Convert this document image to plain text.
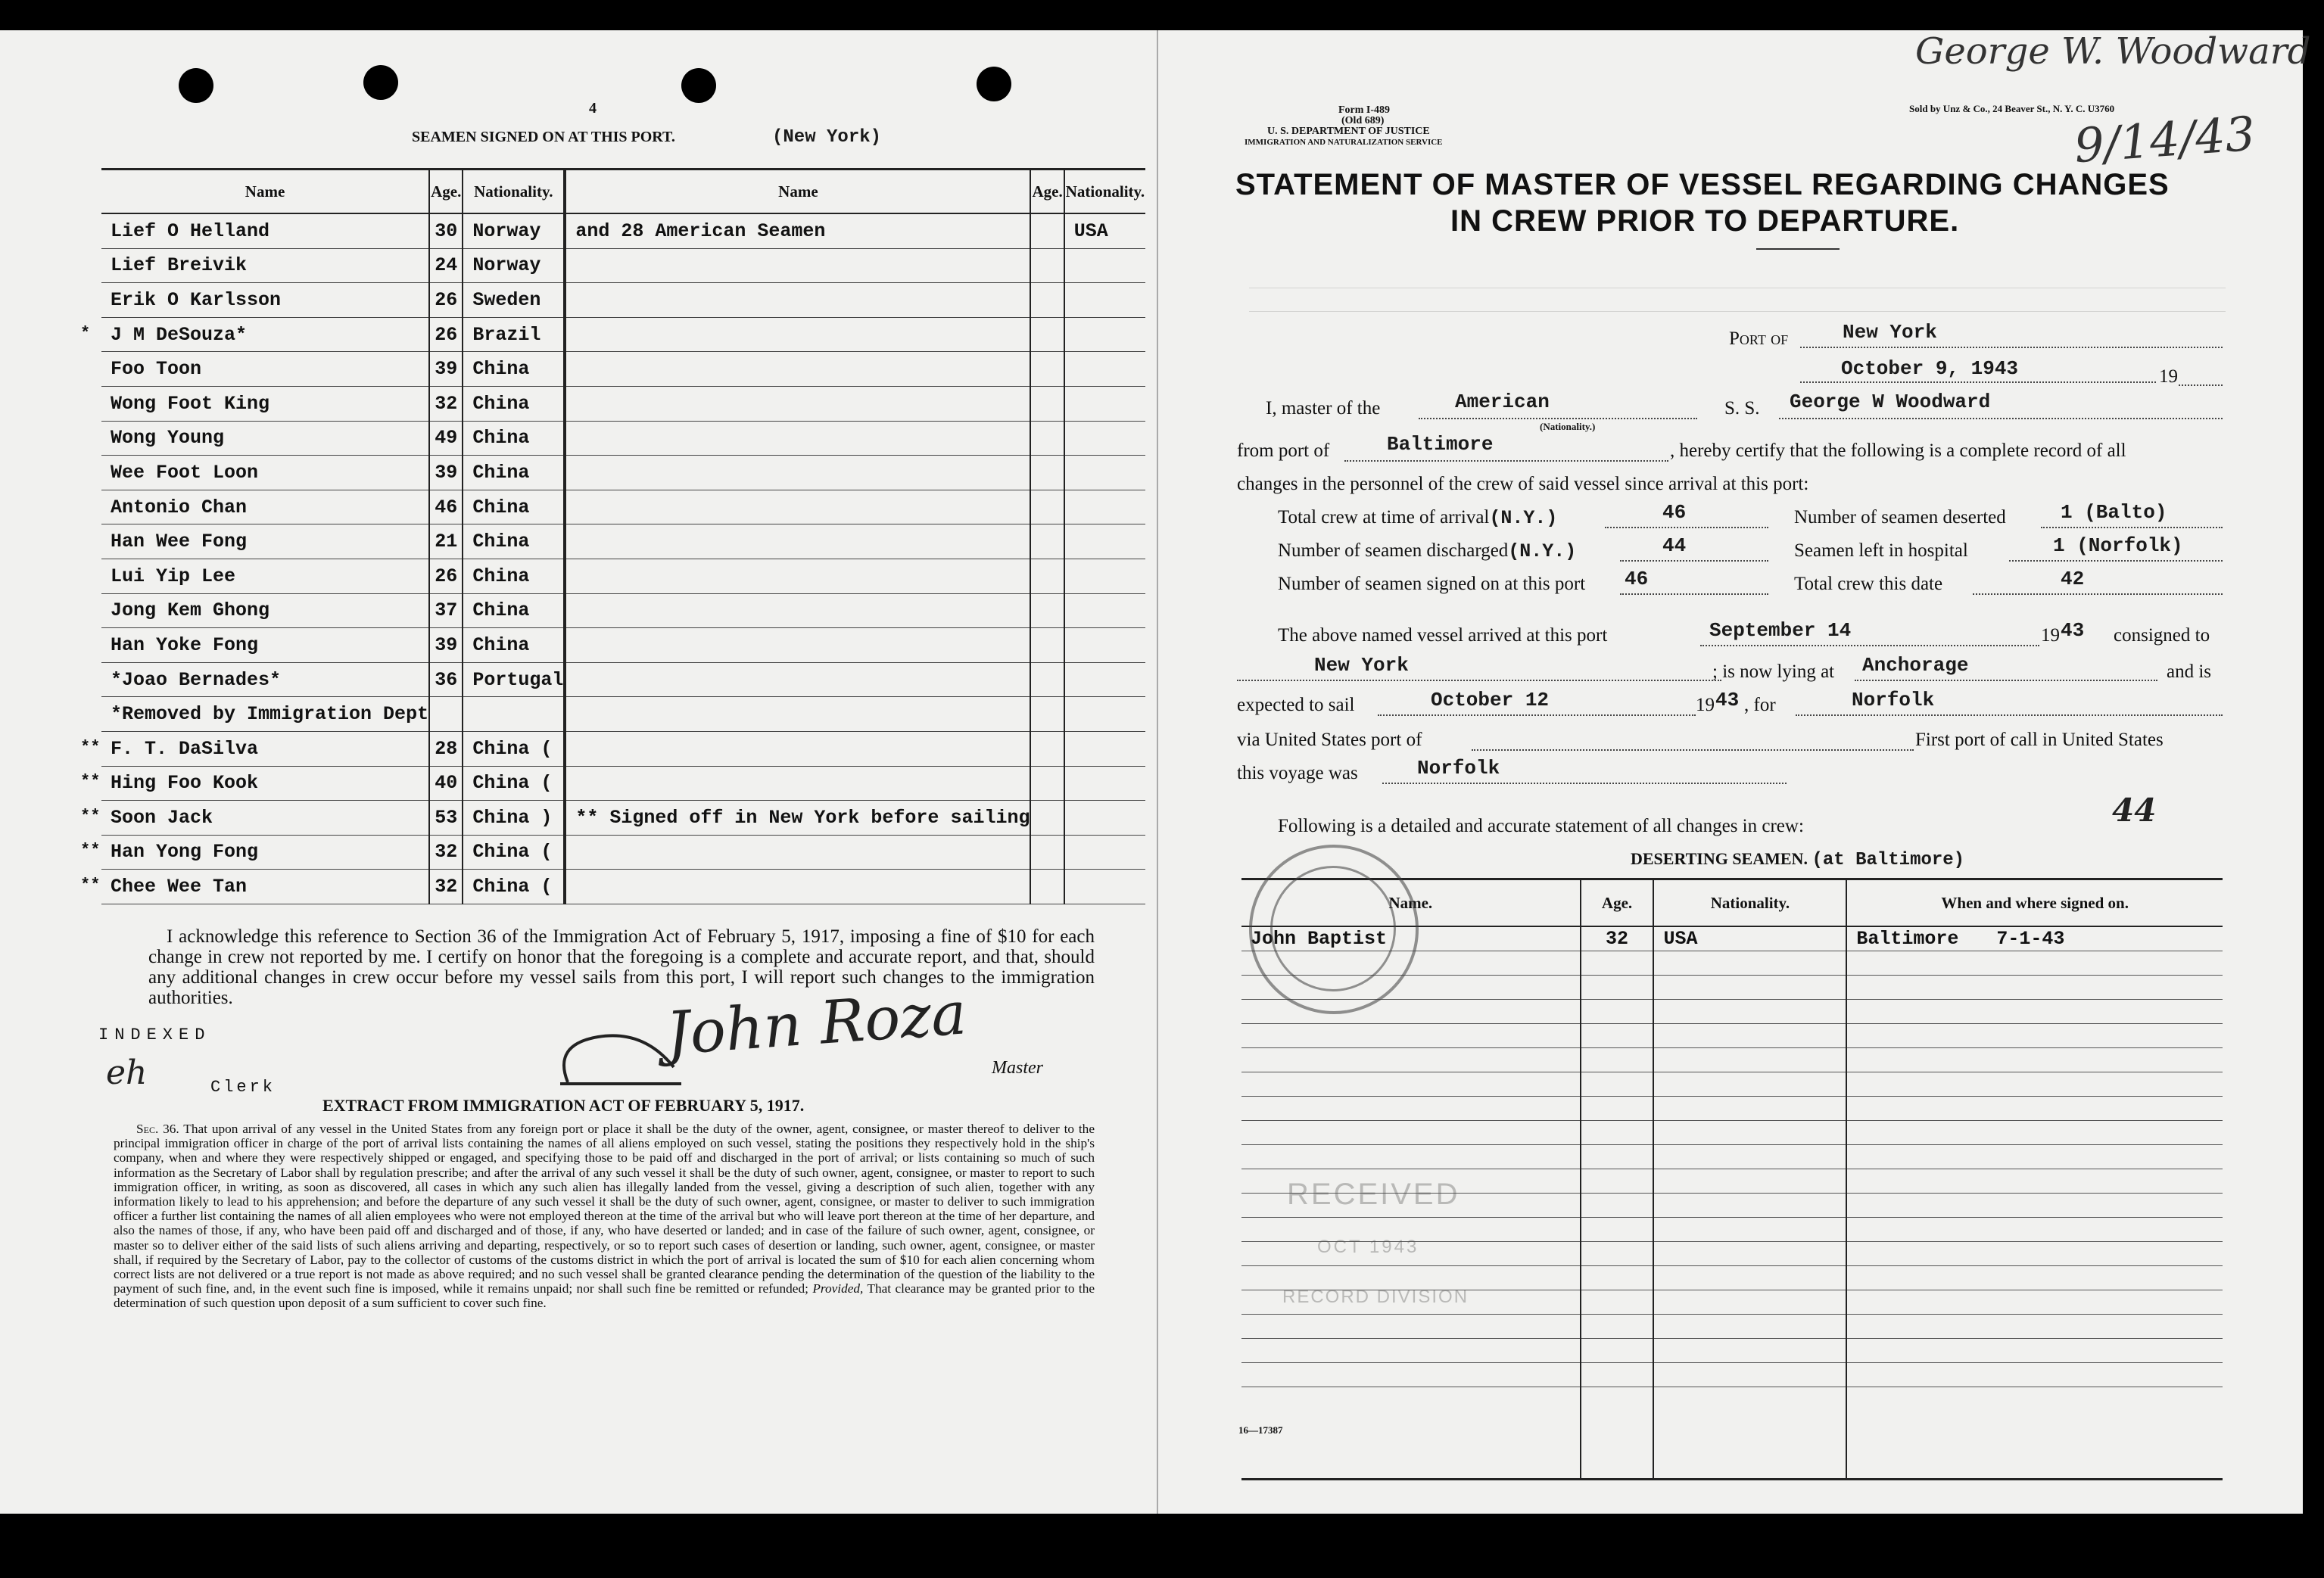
4
SEAMEN SIGNED ON AT THIS PORT.	(New York)
Name	Age.	Nationality.	Name	Age.	Nationality.

Lief O Helland	30	Norway	and 28 American Seamen		USA

Lief Breivik	24	Norway			

Erik O Karlsson	26	Sweden			

* J M DeSouza*	26	Brazil			

Foo Toon	39	China			

Wong Foot King	32	China			

Wong Young	49	China			

Wee Foot Loon	39	China			

Antonio Chan	46	China			

Han Wee Fong	21	China			

Lui Yip Lee	26	China			

Jong Kem Ghong	37	China			

Han Yoke Fong	39	China			

*Joao Bernades*	36	Portugal			

*Removed by Immigration Dept					

** F. T. DaSilva	28	China (			

** Hing Foo Kook	40	China (			

** Soon Jack	53	China )	** Signed off in New York before sailing		

** Han Yong Fong	32	China (			

** Chee Wee Tan	32	China (			
I acknowledge this reference to Section 36 of the Immigration Act of February 5, 1917, imposing a fine of $10 for each change in crew not reported by me. I certify on honor that the foregoing is a complete and accurate report, and that, should any additional changes in crew occur before my vessel sails from this port, I will report such changes to the immigration authorities.
INDEXED
eh	Clerk
John Roza Master
EXTRACT FROM IMMIGRATION ACT OF FEBRUARY 5, 1917.
Sec. 36. That upon arrival of any vessel in the United States from any foreign port or place it shall be the duty of the owner, agent, consignee, or master thereof to deliver to the principal immigration officer in charge of the port of arrival lists containing the names of all aliens employed on such vessel, stating the positions they respectively hold in the ship's company, when and where they were respectively shipped or engaged, and specifying those to be paid off and discharged in the port of arrival; or lists containing so much of such information as the Secretary of Labor shall by regulation prescribe; and after the arrival of any such vessel it shall be the duty of such owner, agent, consignee, or master to report to such immigration officer, in writing, as soon as discovered, all cases in which any such alien has illegally landed from the vessel, giving a description of such alien, together with any information likely to lead to his apprehension; and before the departure of any such vessel it shall be the duty of such owner, agent, consignee, or master to deliver to such immigration officer a further list containing the names of all alien employees who were not employed thereon at the time of the arrival but who will leave port thereon at the time of her departure, and also the names of those, if any, who have been paid off and discharged and of those, if any, who have deserted or landed; and in case of the failure of such owner, agent, consignee, or master so to deliver either of the said lists of such aliens arriving and departing, respectively, or so to report such cases of desertion or landing, such owner, agent, consignee, or master shall, if required by the Secretary of Labor, pay to the collector of customs of the customs district in which the port of arrival is located the sum of $10 for each alien concerning whom correct lists are not delivered or a true report is not made as above required; and no such vessel shall be granted clearance pending the determination of the question of the liability to the payment of such fine, and, in the event such fine is imposed, while it remains unpaid; nor shall such fine be remitted or refunded; Provided, That clearance may be granted prior to the determination of such question upon deposit of a sum sufficient to cover such fine.
George W. Woodward
9/14/43
Form I-489
(Old 689)
U. S. DEPARTMENT OF JUSTICE
IMMIGRATION AND NATURALIZATION SERVICE
Sold by Unz & Co., 24 Beaver St., N. Y. C. U3760
STATEMENT OF MASTER OF VESSEL REGARDING CHANGES
IN CREW PRIOR TO DEPARTURE.
Port of	New York
October 9, 1943	19
I, master of the	American
(Nationality.)
S. S. George W Woodward
from port of	Baltimore	, hereby certify that the following is a complete record of all
changes in the personnel of the crew of said vessel since arrival at this port:
Total crew at time of arrival(N.Y.)	46	Number of seamen deserted	1 (Balto)
Number of seamen discharged(N.Y.)	44	Seamen left in hospital	1 (Norfolk)
Number of seamen signed on at this port 46	Total crew this date	42
The above named vessel arrived at this port	September 14	19 43 consigned to
New York	; is now lying at Anchorage	and is
expected to sail	October 12	19 43 , for	Norfolk
via United States port of	First port of call in United States
this voyage was	Norfolk
44
Following is a detailed and accurate statement of all changes in crew:
DESERTING SEAMEN. (at Baltimore)
Name.	Age.	Nationality.	When and where signed on.
John Baptist	32	USA	Baltimore 7-1-43

RECEIVED
OCT 1943
RECORD DIVISION
16—17387
